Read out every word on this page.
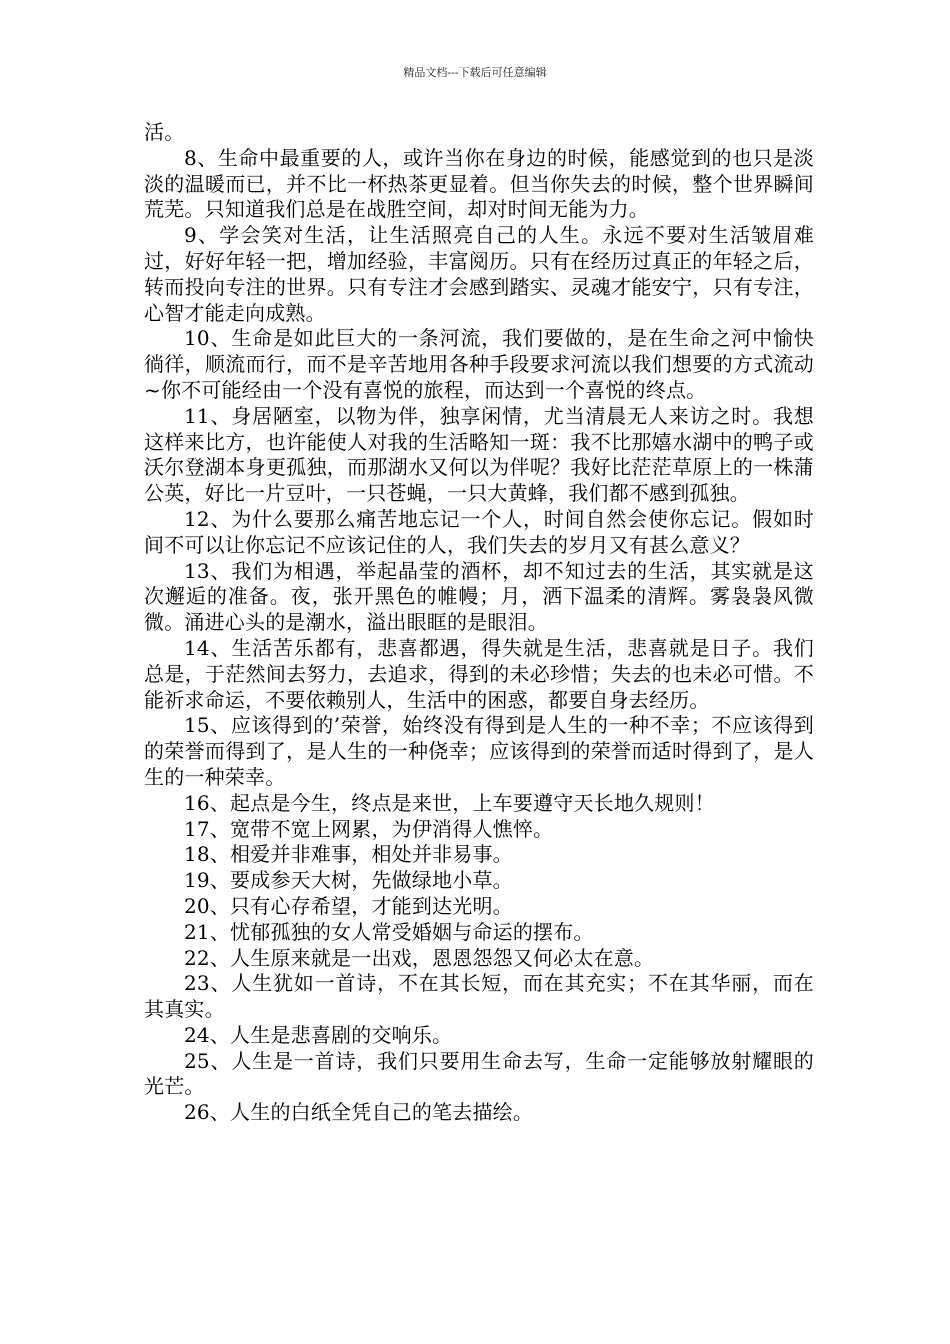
精品文档---下载后可任意编辑

活。

8、生命中最重要的人，或许当你在身边的时候，能感觉到的也只是淡淡的温暖而已，并不比一杯热茶更显着。但当你失去的时候，整个世界瞬间荒芜。只知道我们总是在战胜空间，却对时间无能为力。

9、学会笑对生活，让生活照亮自己的人生。永远不要对生活皱眉难过，好好年轻一把，增加经验，丰富阅历。只有在经历过真正的年轻之后，转而投向专注的世界。只有专注才会感到踏实、灵魂才能安宁，只有专注，心智才能走向成熟。

10、生命是如此巨大的一条河流，我们要做的，是在生命之河中愉快徜徉，顺流而行，而不是辛苦地用各种手段要求河流以我们想要的方式流动~你不可能经由一个没有喜悦的旅程，而达到一个喜悦的终点。

11、身居陋室，以物为伴，独享闲情，尤当清晨无人来访之时。我想这样来比方，也许能使人对我的生活略知一斑：我不比那嬉水湖中的鸭子或沃尔登湖本身更孤独，而那湖水又何以为伴呢？我好比茫茫草原上的一株蒲公英，好比一片豆叶，一只苍蝇，一只大黄蜂，我们都不感到孤独。

12、为什么要那么痛苦地忘记一个人，时间自然会使你忘记。假如时间不可以让你忘记不应该记住的人，我们失去的岁月又有甚么意义？

13、我们为相遇，举起晶莹的酒杯，却不知过去的生活，其实就是这次邂逅的准备。夜，张开黑色的帷幔；月，洒下温柔的清辉。雾袅袅风微微。涌进心头的是潮水，溢出眼眶的是眼泪。

14、生活苦乐都有，悲喜都遇，得失就是生活，悲喜就是日子。我们总是，于茫然间去努力，去追求，得到的未必珍惜；失去的也未必可惜。不能祈求命运，不要依赖别人，生活中的困惑，都要自身去经历。

15、应该得到的’荣誉，始终没有得到是人生的一种不幸；不应该得到的荣誉而得到了，是人生的一种侥幸；应该得到的荣誉而适时得到了，是人生的一种荣幸。

16、起点是今生，终点是来世，上车要遵守天长地久规则！

17、宽带不宽上网累，为伊消得人憔悴。

18、相爱并非难事，相处并非易事。

19、要成参天大树，先做绿地小草。

20、只有心存希望，才能到达光明。

21、忧郁孤独的女人常受婚姻与命运的摆布。

22、人生原来就是一出戏，恩恩怨怨又何必太在意。

23、人生犹如一首诗，不在其长短，而在其充实；不在其华丽，而在其真实。

24、人生是悲喜剧的交响乐。

25、人生是一首诗，我们只要用生命去写，生命一定能够放射耀眼的光芒。

26、人生的白纸全凭自己的笔去描绘。
